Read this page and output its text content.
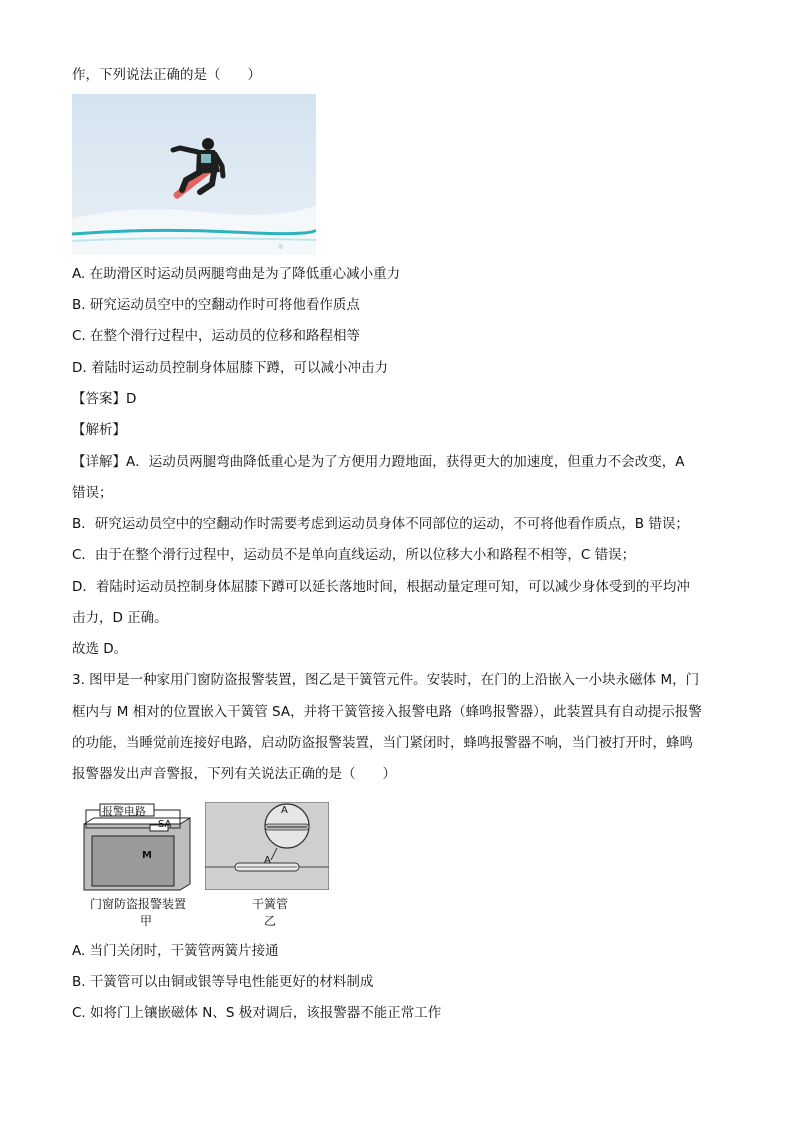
作，下列说法正确的是（　　）
◎
A. 在助滑区时运动员两腿弯曲是为了降低重心减小重力
B. 研究运动员空中的空翻动作时可将他看作质点
C. 在整个滑行过程中，运动员的位移和路程相等
D. 着陆时运动员控制身体屈膝下蹲，可以减小冲击力
【答案】D
【解析】
【详解】A．运动员两腿弯曲降低重心是为了方便用力蹬地面，获得更大的加速度，但重力不会改变，A
错误；
B．研究运动员空中的空翻动作时需要考虑到运动员身体不同部位的运动，不可将他看作质点，B 错误；
C．由于在整个滑行过程中，运动员不是单向直线运动，所以位移大小和路程不相等，C 错误；
D．着陆时运动员控制身体屈膝下蹲可以延长落地时间，根据动量定理可知，可以减少身体受到的平均冲
击力，D 正确。
故选 D。
3. 图甲是一种家用门窗防盗报警装置，图乙是干簧管元件。安装时，在门的上沿嵌入一小块永磁体 M，门
框内与 M 相对的位置嵌入干簧管 SA，并将干簧管接入报警电路（蜂鸣报警器），此装置具有自动提示报警
的功能，当睡觉前连接好电路，启动防盗报警装置，当门紧闭时，蜂鸣报警器不响，当门被打开时，蜂鸣
报警器发出声音警报，下列有关说法正确的是（　　）
报警电路
SA
M
门窗防盗报警装置
甲
A
A
干簧管
乙
A. 当门关闭时，干簧管两簧片接通
B. 干簧管可以由铜或银等导电性能更好的材料制成
C. 如将门上镶嵌磁体 N、S 极对调后，该报警器不能正常工作
